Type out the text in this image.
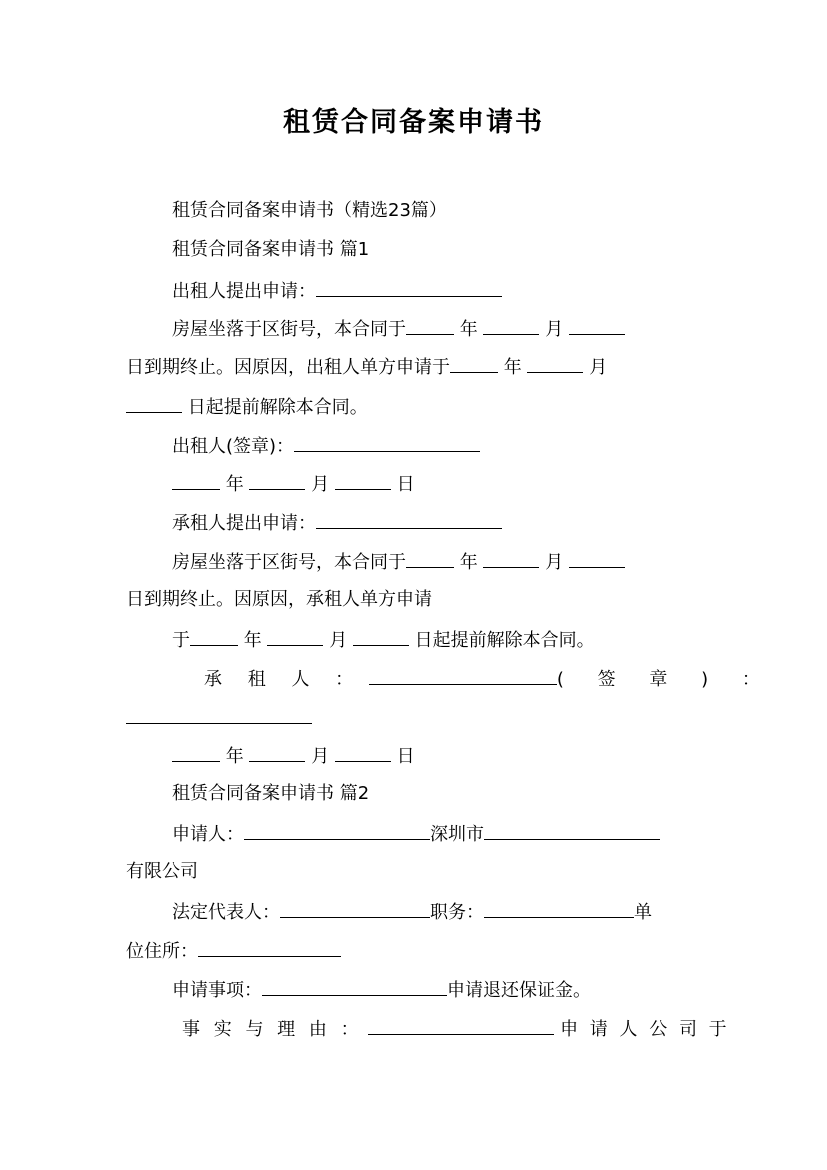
租赁合同备案申请书
租赁合同备案申请书（精选23篇）
租赁合同备案申请书 篇1
出租人提出申请：
房屋坐落于区街号，本合同于	年	月
日到期终止。因原因，出租人单方申请于	年	月
日起提前解除本合同。
出租人(签章)：
年	月	日
承租人提出申请：
房屋坐落于区街号，本合同于	年	月
日到期终止。因原因，承租人单方申请
于	年	月	日起提前解除本合同。
承 租 人 ：	( 签 章 ) ：
年	月	日
租赁合同备案申请书 篇2
申请人：	深圳市
有限公司
法定代表人：	职务：	单
位住所：
申请事项：	申请退还保证金。
事 实 与 理 由 ：	申 请 人 公 司 于
